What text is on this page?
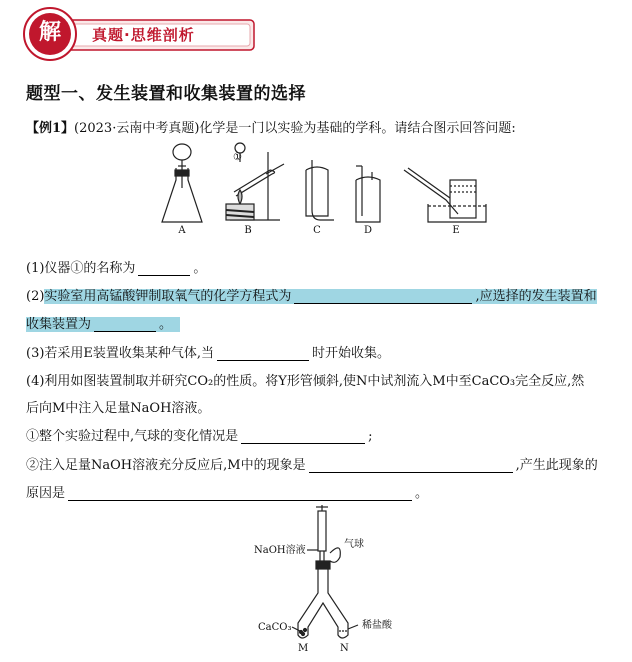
解	真题·思维剖析
题型一、发生装置和收集装置的选择
【例1】(2023·云南中考真题)化学是一门以实验为基础的学科。请结合图示回答问题:
①
A	B	C	D	E
(1)仪器①的名称为	。
(2)实验室用高锰酸钾制取氧气的化学方程式为	,应选择的发生装置和
收集装置为	。
(3)若采用E装置收集某种气体,当	时开始收集。
(4)利用如图装置制取并研究CO₂的性质。将Y形管倾斜,使N中试剂流入M中至CaCO₃完全反应,然
后向M中注入足量NaOH溶液。
①整个实验过程中,气球的变化情况是	;
②注入足量NaOH溶液充分反应后,M中的现象是	,产生此现象的
原因是	。
NaOH溶液
气球
CaCO₃	稀盐酸
M	N
